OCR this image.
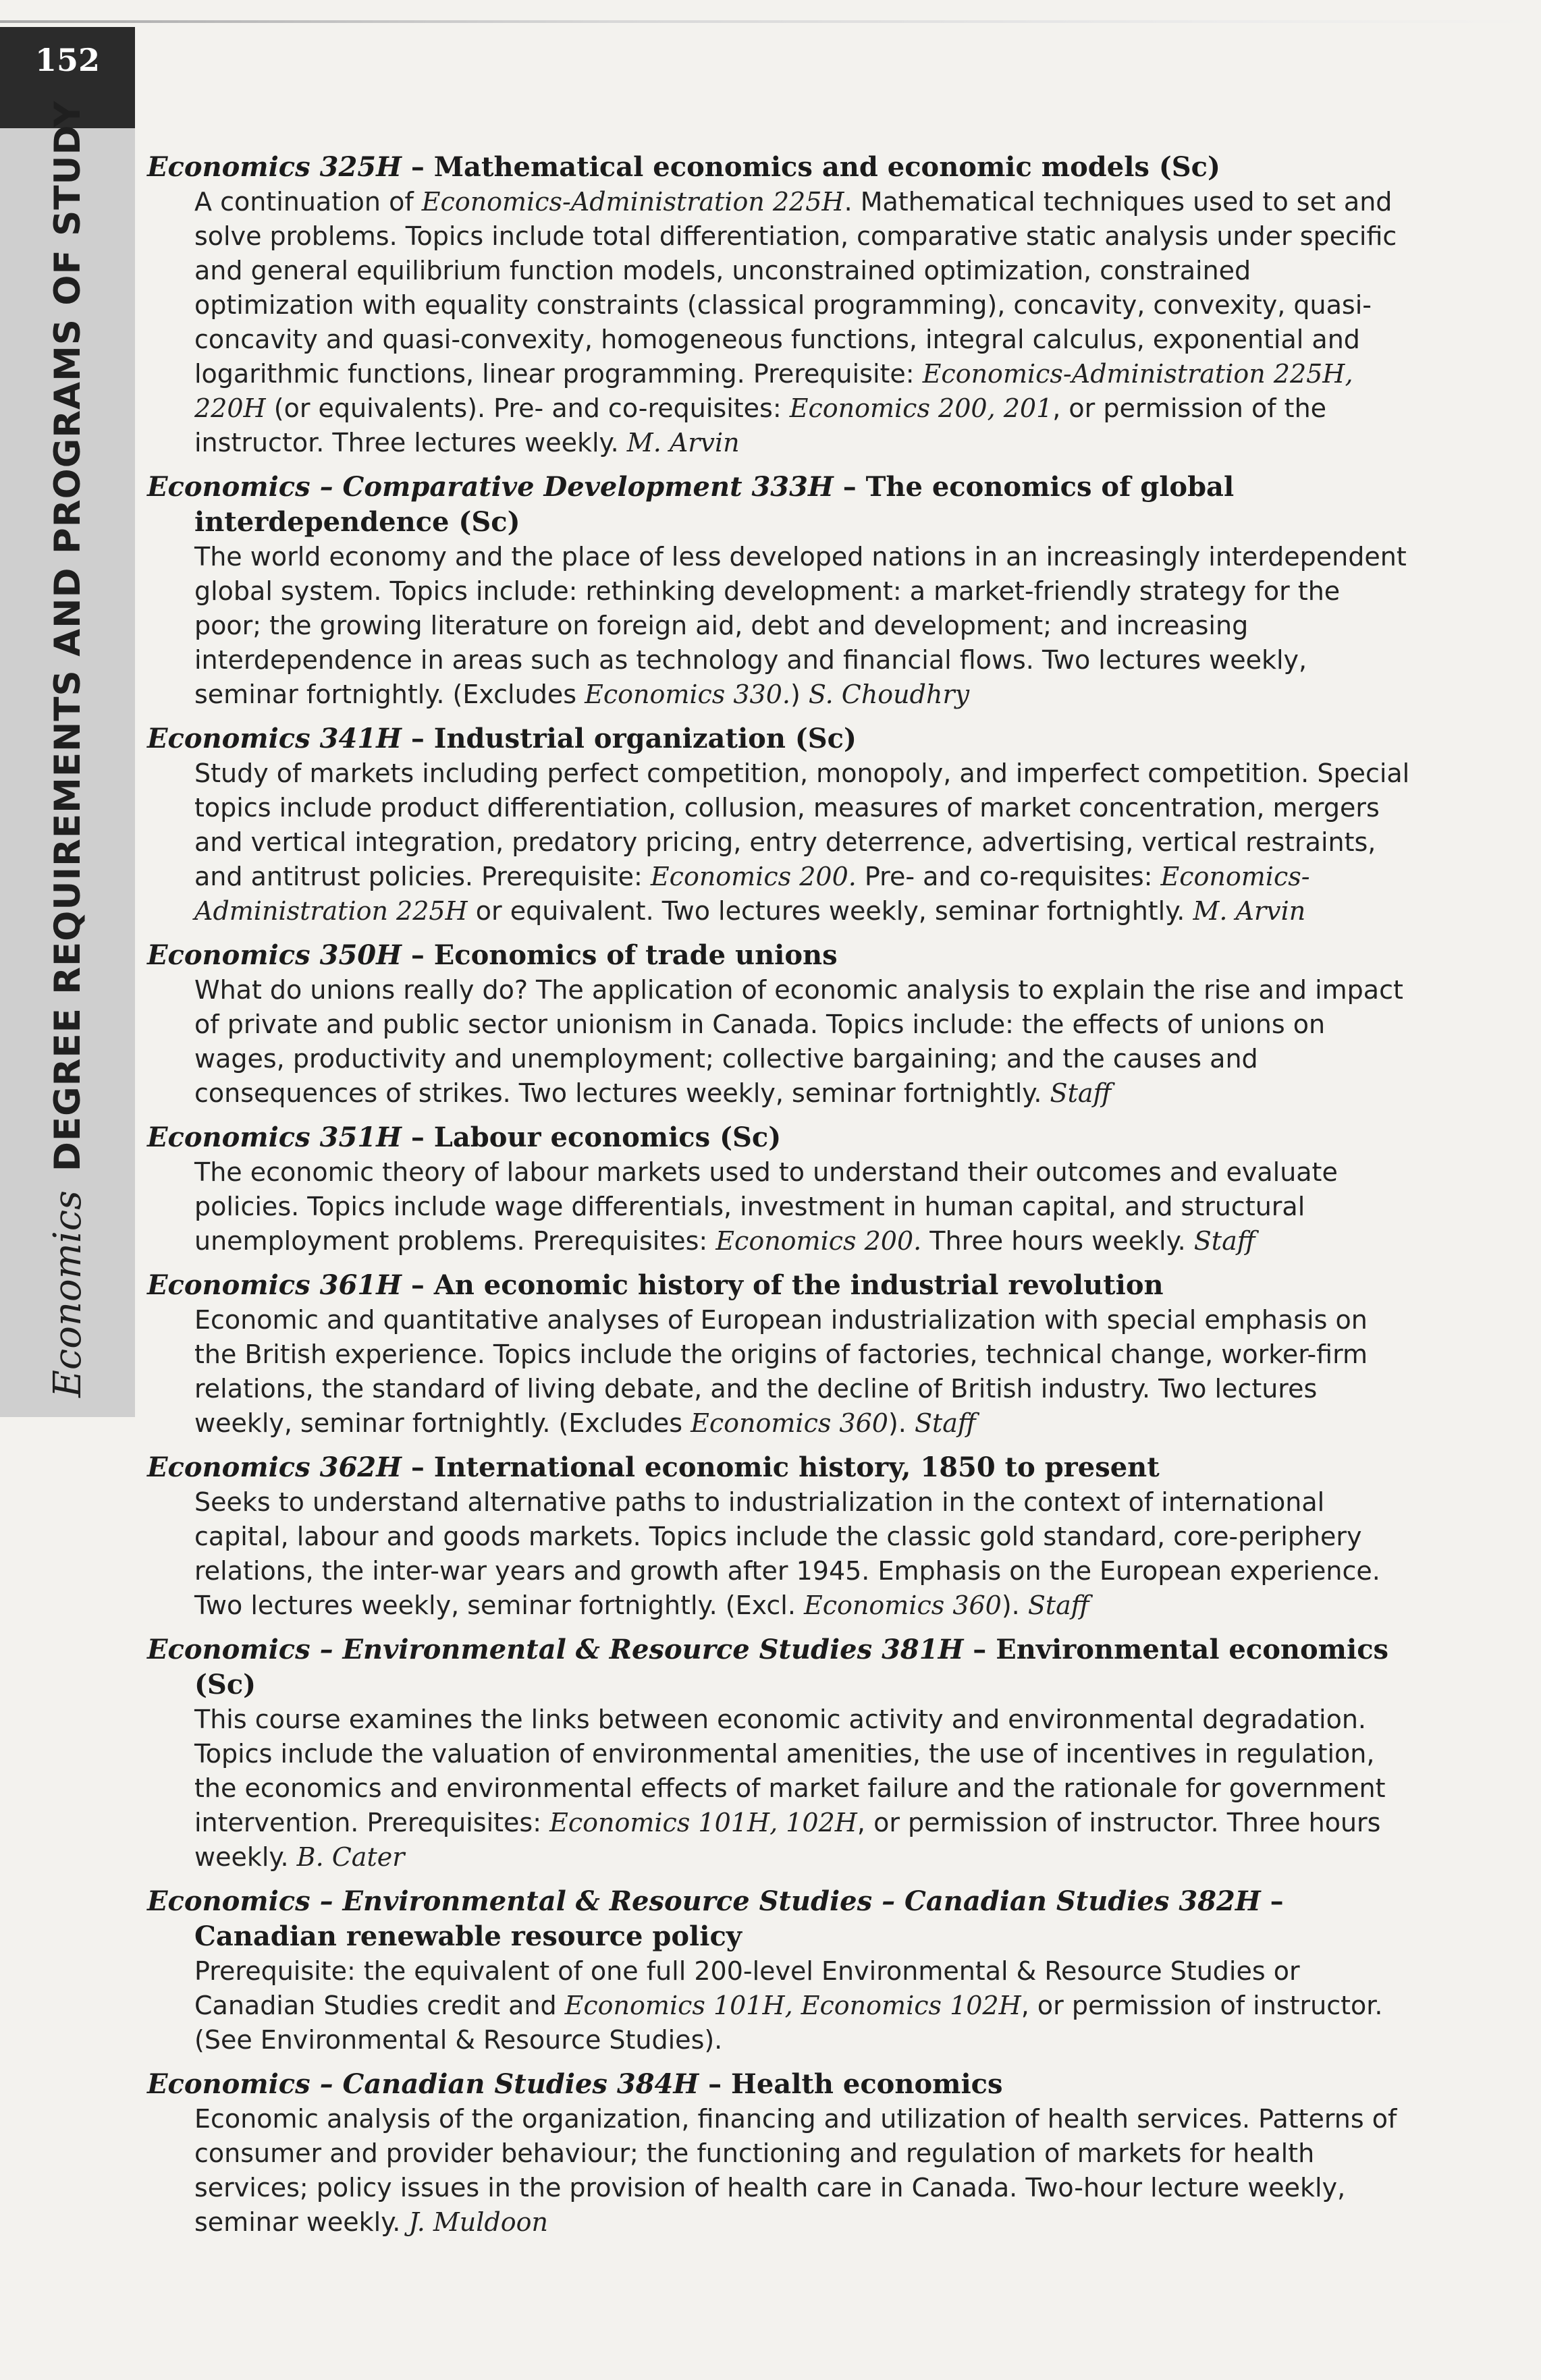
152
Economics
DEGREE REQUIREMENTS AND PROGRAMS OF STUDY Economics 325H – Mathematical economics and economic models (Sc)
A continuation of Economics-Administration 225H. Mathematical techniques used to set and solve problems. Topics include total differentiation, comparative static analysis under specific and general equilibrium function models, unconstrained optimization, constrained optimization with equality constraints (classical programming), concavity, convexity, quasi-concavity and quasi-convexity, homogeneous functions, integral calculus, exponential and logarithmic functions, linear programming. Prerequisite: Economics-Administration 225H, 220H (or equivalents). Pre- and co-requisites: Economics 200, 201, or permission of the instructor. Three lectures weekly. M. Arvin
Economics – Comparative Development 333H – The economics of global interdependence (Sc)
The world economy and the place of less developed nations in an increasingly interdependent global system. Topics include: rethinking development: a market-friendly strategy for the poor; the growing literature on foreign aid, debt and development; and increasing interdependence in areas such as technology and financial flows. Two lectures weekly, seminar fortnightly. (Excludes Economics 330.) S. Choudhry
Economics 341H – Industrial organization (Sc)
Study of markets including perfect competition, monopoly, and imperfect competition. Special topics include product differentiation, collusion, measures of market concentration, mergers and vertical integration, predatory pricing, entry deterrence, advertising, vertical restraints, and antitrust policies. Prerequisite: Economics 200. Pre- and co-requisites: Economics-Administration 225H or equivalent. Two lectures weekly, seminar fortnightly. M. Arvin
Economics 350H – Economics of trade unions
What do unions really do? The application of economic analysis to explain the rise and impact of private and public sector unionism in Canada. Topics include: the effects of unions on wages, productivity and unemployment; collective bargaining; and the causes and consequences of strikes. Two lectures weekly, seminar fortnightly. Staff
Economics 351H – Labour economics (Sc)
The economic theory of labour markets used to understand their outcomes and evaluate policies. Topics include wage differentials, investment in human capital, and structural unemployment problems. Prerequisites: Economics 200. Three hours weekly. Staff
Economics 361H – An economic history of the industrial revolution
Economic and quantitative analyses of European industrialization with special emphasis on the British experience. Topics include the origins of factories, technical change, worker-firm relations, the standard of living debate, and the decline of British industry. Two lectures weekly, seminar fortnightly. (Excludes Economics 360). Staff
Economics 362H – International economic history, 1850 to present
Seeks to understand alternative paths to industrialization in the context of international capital, labour and goods markets. Topics include the classic gold standard, core-periphery relations, the inter-war years and growth after 1945. Emphasis on the European experience. Two lectures weekly, seminar fortnightly. (Excl. Economics 360). Staff
Economics – Environmental & Resource Studies 381H – Environmental economics (Sc)
This course examines the links between economic activity and environmental degradation. Topics include the valuation of environmental amenities, the use of incentives in regulation, the economics and environmental effects of market failure and the rationale for government intervention. Prerequisites: Economics 101H, 102H, or permission of instructor. Three hours weekly. B. Cater
Economics – Environmental & Resource Studies – Canadian Studies 382H – Canadian renewable resource policy
Prerequisite: the equivalent of one full 200-level Environmental & Resource Studies or Canadian Studies credit and Economics 101H, Economics 102H, or permission of instructor. (See Environmental & Resource Studies).
Economics – Canadian Studies 384H – Health economics
Economic analysis of the organization, financing and utilization of health services. Patterns of consumer and provider behaviour; the functioning and regulation of markets for health services; policy issues in the provision of health care in Canada. Two-hour lecture weekly, seminar weekly. J. Muldoon
